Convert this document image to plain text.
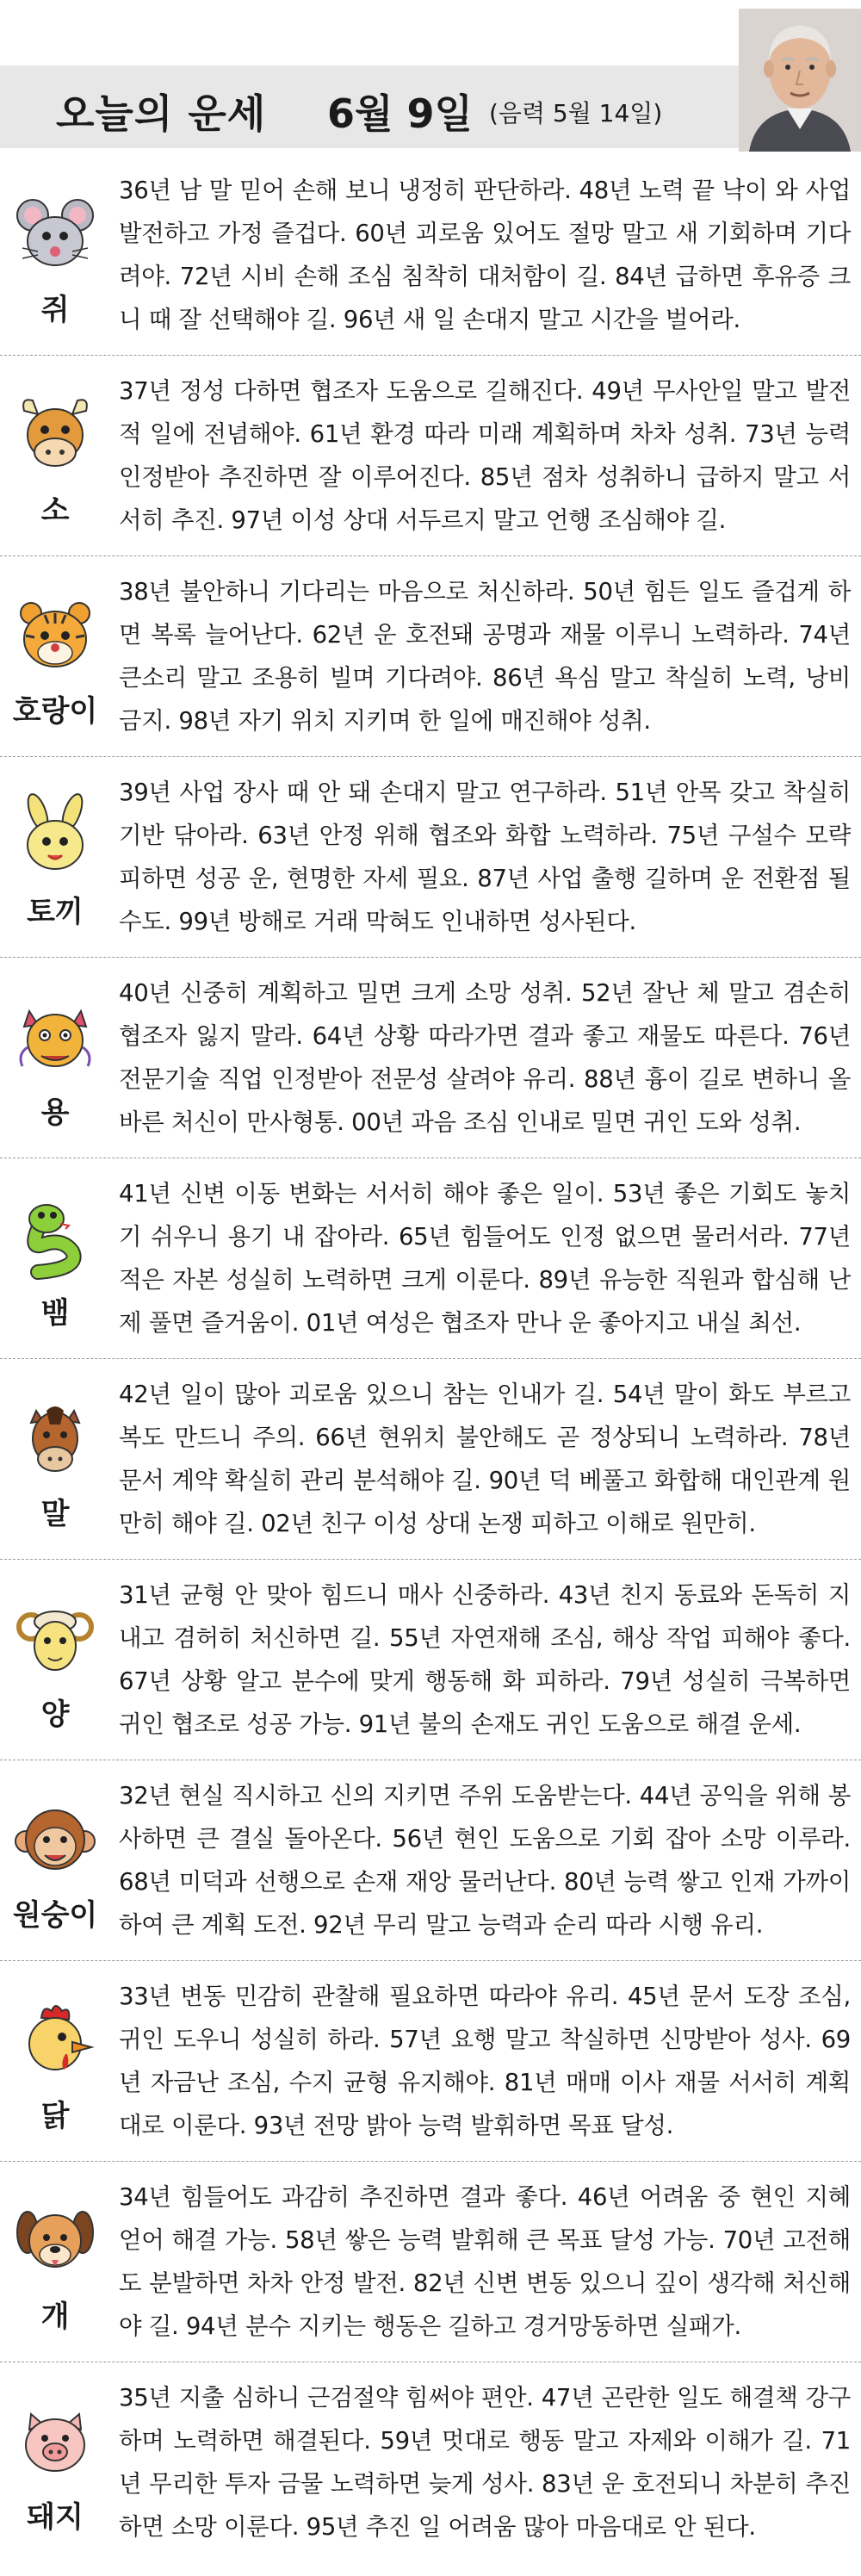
오늘의 운세 6월 9일 (음력 5월 14일)
쥐
36년 남 말 믿어 손해 보니 냉정히 판단하라. 48년 노력 끝 낙이 와 사업 발전하고 가정 즐겁다. 60년 괴로움 있어도 절망 말고 새 기회하며 기다려야. 72년 시비 손해 조심 침착히 대처함이 길. 84년 급하면 후유증 크니 때 잘 선택해야 길. 96년 새 일 손대지 말고 시간을 벌어라.
소
37년 정성 다하면 협조자 도움으로 길해진다. 49년 무사안일 말고 발전적 일에 전념해야. 61년 환경 따라 미래 계획하며 차차 성취. 73년 능력 인정받아 추진하면 잘 이루어진다. 85년 점차 성취하니 급하지 말고 서서히 추진. 97년 이성 상대 서두르지 말고 언행 조심해야 길.
호랑이
38년 불안하니 기다리는 마음으로 처신하라. 50년 힘든 일도 즐겁게 하면 복록 늘어난다. 62년 운 호전돼 공명과 재물 이루니 노력하라. 74년 큰소리 말고 조용히 빌며 기다려야. 86년 욕심 말고 착실히 노력, 낭비 금지. 98년 자기 위치 지키며 한 일에 매진해야 성취.
토끼
39년 사업 장사 때 안 돼 손대지 말고 연구하라. 51년 안목 갖고 착실히 기반 닦아라. 63년 안정 위해 협조와 화합 노력하라. 75년 구설수 모략 피하면 성공 운, 현명한 자세 필요. 87년 사업 출행 길하며 운 전환점 될 수도. 99년 방해로 거래 막혀도 인내하면 성사된다.
용
40년 신중히 계획하고 밀면 크게 소망 성취. 52년 잘난 체 말고 겸손히 협조자 잃지 말라. 64년 상황 따라가면 결과 좋고 재물도 따른다. 76년 전문기술 직업 인정받아 전문성 살려야 유리. 88년 흉이 길로 변하니 올바른 처신이 만사형통. 00년 과음 조심 인내로 밀면 귀인 도와 성취.
뱀
41년 신변 이동 변화는 서서히 해야 좋은 일이. 53년 좋은 기회도 놓치기 쉬우니 용기 내 잡아라. 65년 힘들어도 인정 없으면 물러서라. 77년 적은 자본 성실히 노력하면 크게 이룬다. 89년 유능한 직원과 합심해 난제 풀면 즐거움이. 01년 여성은 협조자 만나 운 좋아지고 내실 최선.
말
42년 일이 많아 괴로움 있으니 참는 인내가 길. 54년 말이 화도 부르고 복도 만드니 주의. 66년 현위치 불안해도 곧 정상되니 노력하라. 78년 문서 계약 확실히 관리 분석해야 길. 90년 덕 베풀고 화합해 대인관계 원만히 해야 길. 02년 친구 이성 상대 논쟁 피하고 이해로 원만히.
양
31년 균형 안 맞아 힘드니 매사 신중하라. 43년 친지 동료와 돈독히 지내고 겸허히 처신하면 길. 55년 자연재해 조심, 해상 작업 피해야 좋다. 67년 상황 알고 분수에 맞게 행동해 화 피하라. 79년 성실히 극복하면 귀인 협조로 성공 가능. 91년 불의 손재도 귀인 도움으로 해결 운세.
원숭이
32년 현실 직시하고 신의 지키면 주위 도움받는다. 44년 공익을 위해 봉사하면 큰 결실 돌아온다. 56년 현인 도움으로 기회 잡아 소망 이루라. 68년 미덕과 선행으로 손재 재앙 물러난다. 80년 능력 쌓고 인재 가까이하여 큰 계획 도전. 92년 무리 말고 능력과 순리 따라 시행 유리.
닭
33년 변동 민감히 관찰해 필요하면 따라야 유리. 45년 문서 도장 조심, 귀인 도우니 성실히 하라. 57년 요행 말고 착실하면 신망받아 성사. 69년 자금난 조심, 수지 균형 유지해야. 81년 매매 이사 재물 서서히 계획대로 이룬다. 93년 전망 밝아 능력 발휘하면 목표 달성.
개
34년 힘들어도 과감히 추진하면 결과 좋다. 46년 어려움 중 현인 지혜 얻어 해결 가능. 58년 쌓은 능력 발휘해 큰 목표 달성 가능. 70년 고전해도 분발하면 차차 안정 발전. 82년 신변 변동 있으니 깊이 생각해 처신해야 길. 94년 분수 지키는 행동은 길하고 경거망동하면 실패가.
돼지
35년 지출 심하니 근검절약 힘써야 편안. 47년 곤란한 일도 해결책 강구하며 노력하면 해결된다. 59년 멋대로 행동 말고 자제와 이해가 길. 71년 무리한 투자 금물 노력하면 늦게 성사. 83년 운 호전되니 차분히 추진하면 소망 이룬다. 95년 추진 일 어려움 많아 마음대로 안 된다.
